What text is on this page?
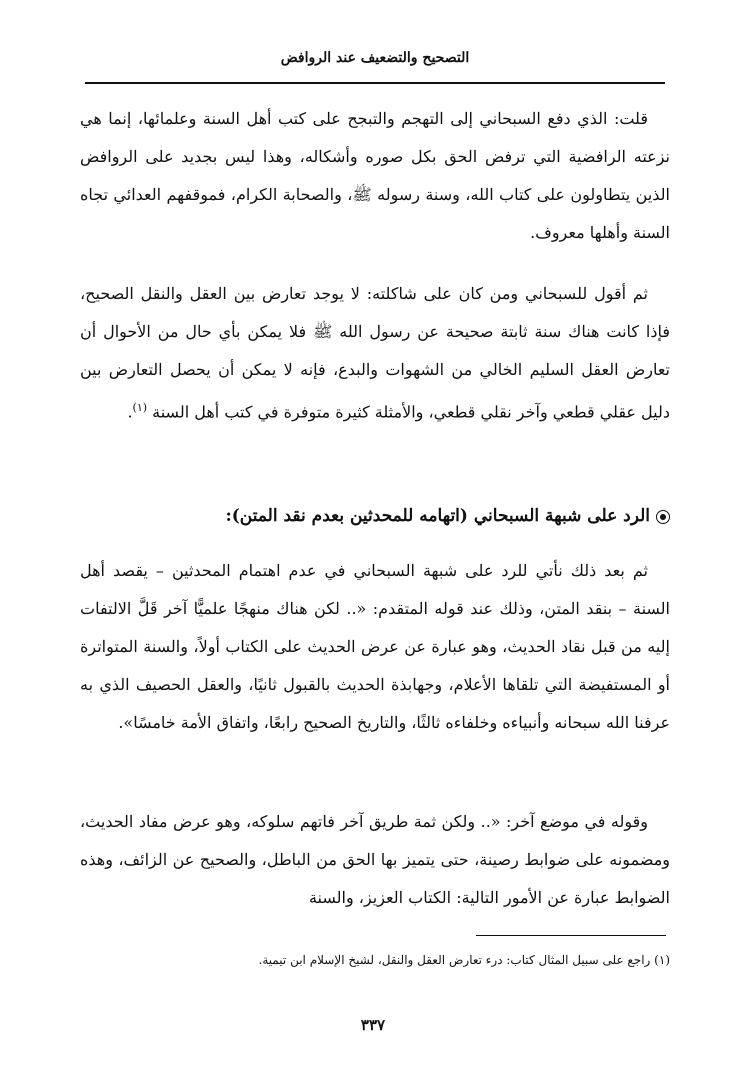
التصحيح والتضعيف عند الروافض

قلت: الذي دفع السبحاني إلى التهجم والتبجح على كتب أهل السنة وعلمائها، إنما هي نزعته الرافضية التي ترفض الحق بكل صوره وأشكاله، وهذا ليس بجديد على الروافض الذين يتطاولون على كتاب الله، وسنة رسوله ﷺ، والصحابة الكرام، فموقفهم العدائي تجاه السنة وأهلها معروف.

ثم أقول للسبحاني ومن كان على شاكلته: لا يوجد تعارض بين العقل والنقل الصحيح، فإذا كانت هناك سنة ثابتة صحيحة عن رسول الله ﷺ فلا يمكن بأي حال من الأحوال أن تعارض العقل السليم الخالي من الشهوات والبدع، فإنه لا يمكن أن يحصل التعارض بين دليل عقلي قطعي وآخر نقلي قطعي، والأمثلة كثيرة متوفرة في كتب أهل السنة $^{(١)}$.

الرد على شبهة السبحاني (اتهامه للمحدثين بعدم نقد المتن):

ثم بعد ذلك نأتي للرد على شبهة السبحاني في عدم اهتمام المحدثين – يقصد أهل السنة – بنقد المتن، وذلك عند قوله المتقدم: «.. لكن هناك منهجًا علميًّا آخر قَلَّ الالتفات إليه من قبل نقاد الحديث، وهو عبارة عن عرض الحديث على الكتاب أولاً، والسنة المتواترة أو المستفيضة التي تلقاها الأعلام، وجهابذة الحديث بالقبول ثانيًا، والعقل الحصيف الذي به عرفنا الله سبحانه وأنبياءه وخلفاءه ثالثًا، والتاريخ الصحيح رابعًا، واتفاق الأمة خامسًا».

وقوله في موضع آخر: «.. ولكن ثمة طريق آخر فاتهم سلوكه، وهو عرض مفاد الحديث، ومضمونه على ضوابط رصينة، حتى يتميز بها الحق من الباطل، والصحيح عن الزائف، وهذه الضوابط عبارة عن الأمور التالية: الكتاب العزيز، والسنة

(١) راجع على سبيل المثال كتاب: درء تعارض العقل والنقل، لشيخ الإسلام ابن تيمية.
٣٣٧
